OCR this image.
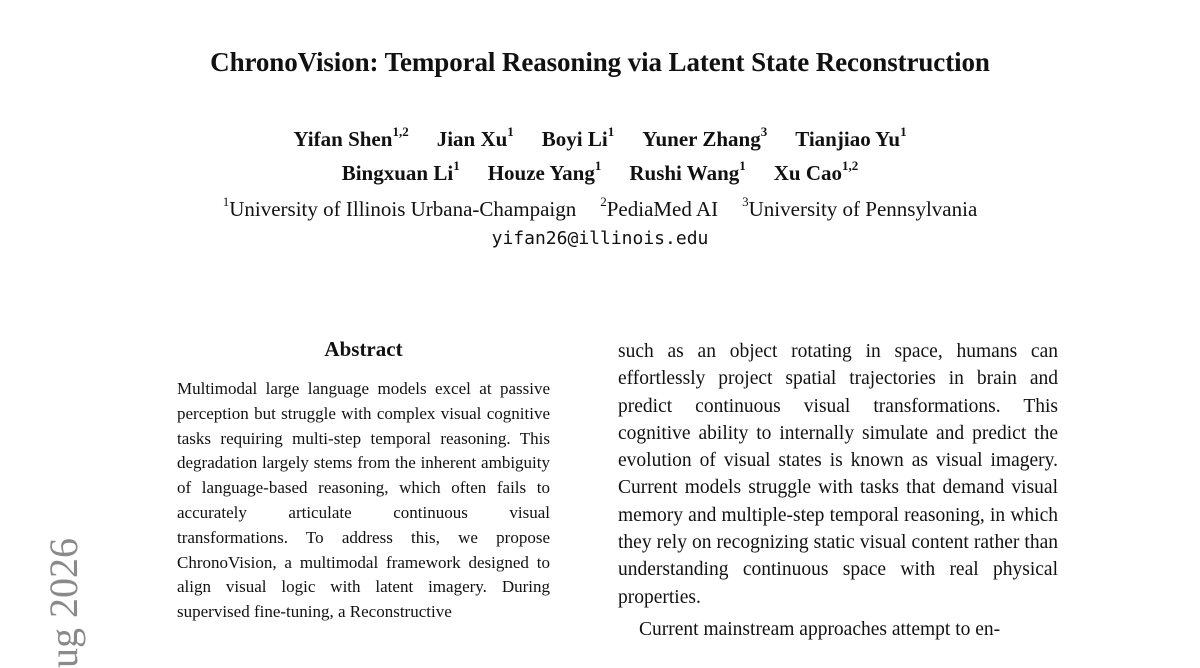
ChronoVision: Temporal Reasoning via Latent State Reconstruction
Yifan Shen$^{1,2}$ Jian Xu$^1$ Boyi Li$^1$ Yuner Zhang$^3$ Tianjiao Yu$^1$
Bingxuan Li$^1$ Houze Yang$^1$ Rushi Wang$^1$ Xu Cao$^{1,2}$
$^1$University of Illinois Urbana-Champaign $^2$PediaMed AI $^3$University of Pennsylvania
yifan26@illinois.edu
Abstract
Multimodal large language models excel at passive perception but struggle with complex visual cognitive tasks requiring multi-step temporal reasoning. This degradation largely stems from the inherent ambiguity of language-based reasoning, which often fails to accurately articulate continuous visual transformations. To address this, we propose ChronoVision, a multimodal framework designed to align visual logic with latent imagery. During supervised fine-tuning, a Reconstructive

such as an object rotating in space, humans can effortlessly project spatial trajectories in brain and predict continuous visual transformations. This cognitive ability to internally simulate and predict the evolution of visual states is known as visual imagery. Current models struggle with tasks that demand visual memory and multiple-step temporal reasoning, in which they rely on recognizing static visual content rather than understanding continuous space with real physical properties.

Current mainstream approaches attempt to en-

ug 2026
